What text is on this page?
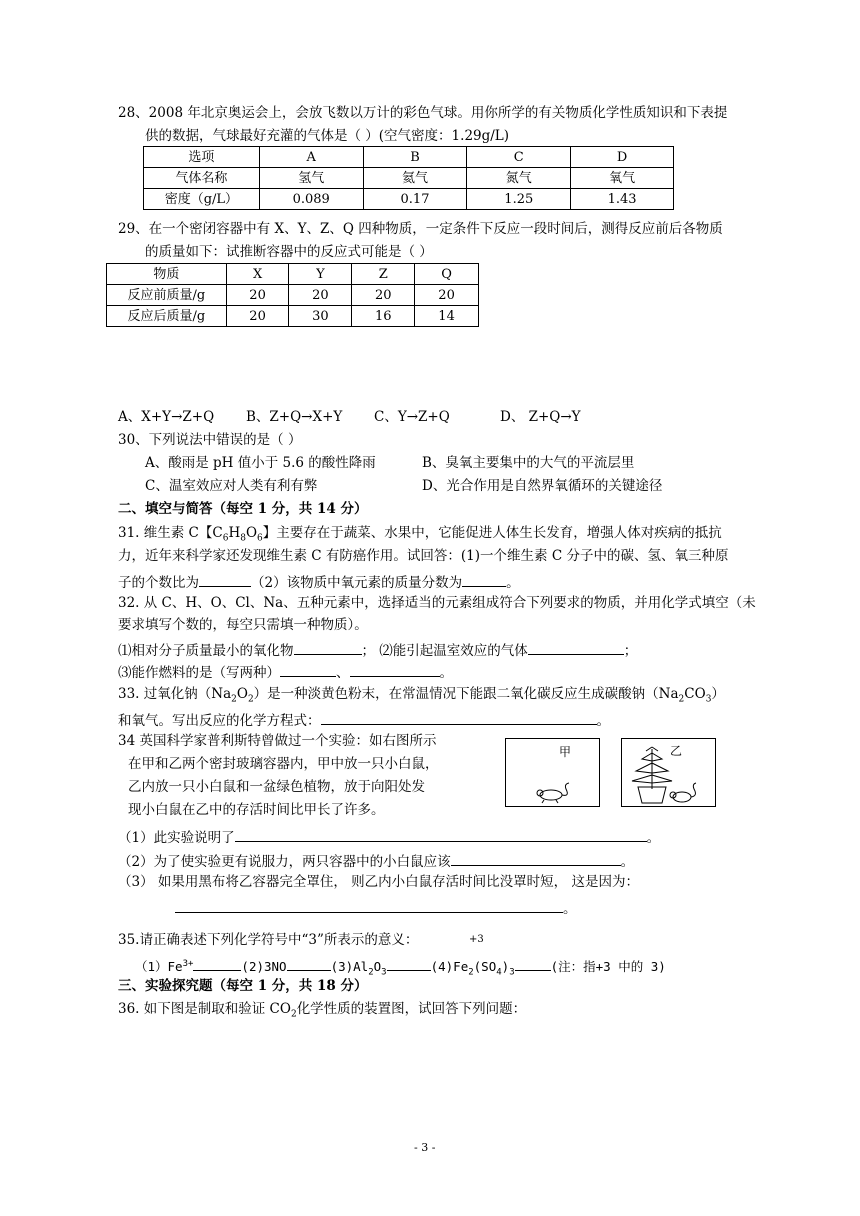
28、2008 年北京奥运会上，会放飞数以万计的彩色气球。用你所学的有关物质化学性质知识和下表提
供的数据，气球最好充灌的气体是（ ）(空气密度：1.29g/L)
选项	A	B	C	D
气体名称	氢气	氦气	氮气	氧气
密度（g/L）	0.089	0.17	1.25	1.43
29、在一个密闭容器中有 X、Y、Z、Q 四种物质，一定条件下反应一段时间后，测得反应前后各物质
的质量如下：试推断容器中的反应式可能是（ ）
物质	X	Y	Z	Q
反应前质量/g	20	20	20	20
反应后质量/g	20	30	16	14
A、X+Y→Z+Q B、Z+Q→X+Y C、Y→Z+Q	D、 Z+Q→Y
30、下列说法中错误的是（ ）
A、酸雨是 pH 值小于 5.6 的酸性降雨	B、臭氧主要集中的大气的平流层里
C、温室效应对人类有利有弊	D、光合作用是自然界氧循环的关键途径
二、填空与简答（每空 1 分，共 14 分）
31. 维生素 C【$C_6H_8O_6$】主要存在于蔬菜、水果中，它能促进人体生长发育，增强人体对疾病的抵抗
力，近年来科学家还发现维生素 C 有防癌作用。试回答：(1)一个维生素 C 分子中的碳、氢、氧三种原
子的个数比为	（2）该物质中氧元素的质量分数为	。
32. 从 C、H、O、Cl、Na、五种元素中，选择适当的元素组成符合下列要求的物质，并用化学式填空（未
要求填写个数的，每空只需填一种物质）。
⑴相对分子质量最小的氧化物	； ⑵能引起温室效应的气体	；
⑶能作燃料的是（写两种）	、	。
33. 过氧化钠$(Na_2O_2)$是一种淡黄色粉末，在常温情况下能跟二氧化碳反应生成碳酸钠$(Na_2CO_3)$
和氧气。写出反应的化学方程式：	。
34 英国科学家普利斯特曾做过一个实验：如右图所示
在甲和乙两个密封玻璃容器内，甲中放一只小白鼠，
乙内放一只小白鼠和一盆绿色植物，放于向阳处发
现小白鼠在乙中的存活时间比甲长了许多。
甲	乙
（1）此实验说明了	。
（2）为了使实验更有说服力，两只容器中的小白鼠应该	。
（3） 如果用黑布将乙容器完全罩住， 则乙内小白鼠存活时间比没罩时短， 这是因为：
。
35.请正确表述下列化学符号中“3”所表示的意义：	+3
$(1)Fe^{3+}$	(2)3NO	$(3)Al_2O_3$	$(4)Fe_2(SO_4)_3$	(注：指+3 中的 3)
三、实验探究题（每空 1 分，共 18 分）
36. 如下图是制取和验证 $CO_2$化学性质的装置图，试回答下列问题：
- 3 -
